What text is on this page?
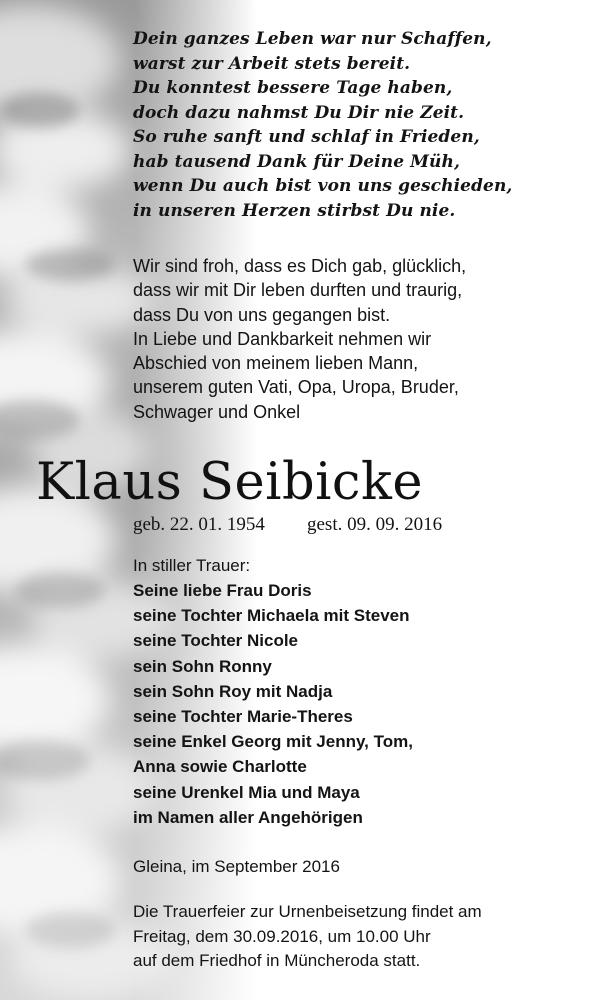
Dein ganzes Leben war nur Schaffen,
warst zur Arbeit stets bereit.
Du konntest bessere Tage haben,
doch dazu nahmst Du Dir nie Zeit.
So ruhe sanft und schlaf in Frieden,
hab tausend Dank für Deine Müh,
wenn Du auch bist von uns geschieden,
in unseren Herzen stirbst Du nie.
Wir sind froh, dass es Dich gab, glücklich,
dass wir mit Dir leben durften und traurig,
dass Du von uns gegangen bist.
In Liebe und Dankbarkeit nehmen wir
Abschied von meinem lieben Mann,
unserem guten Vati, Opa, Uropa, Bruder,
Schwager und Onkel
Klaus Seibicke
geb. 22. 01. 1954 gest. 09. 09. 2016
In stiller Trauer:
Seine liebe Frau Doris
seine Tochter Michaela mit Steven
seine Tochter Nicole
sein Sohn Ronny
sein Sohn Roy mit Nadja
seine Tochter Marie-Theres
seine Enkel Georg mit Jenny, Tom,
Anna sowie Charlotte
seine Urenkel Mia und Maya
im Namen aller Angehörigen
Gleina, im September 2016
Die Trauerfeier zur Urnenbeisetzung findet am
Freitag, dem 30.09.2016, um 10.00 Uhr
auf dem Friedhof in Müncheroda statt.
